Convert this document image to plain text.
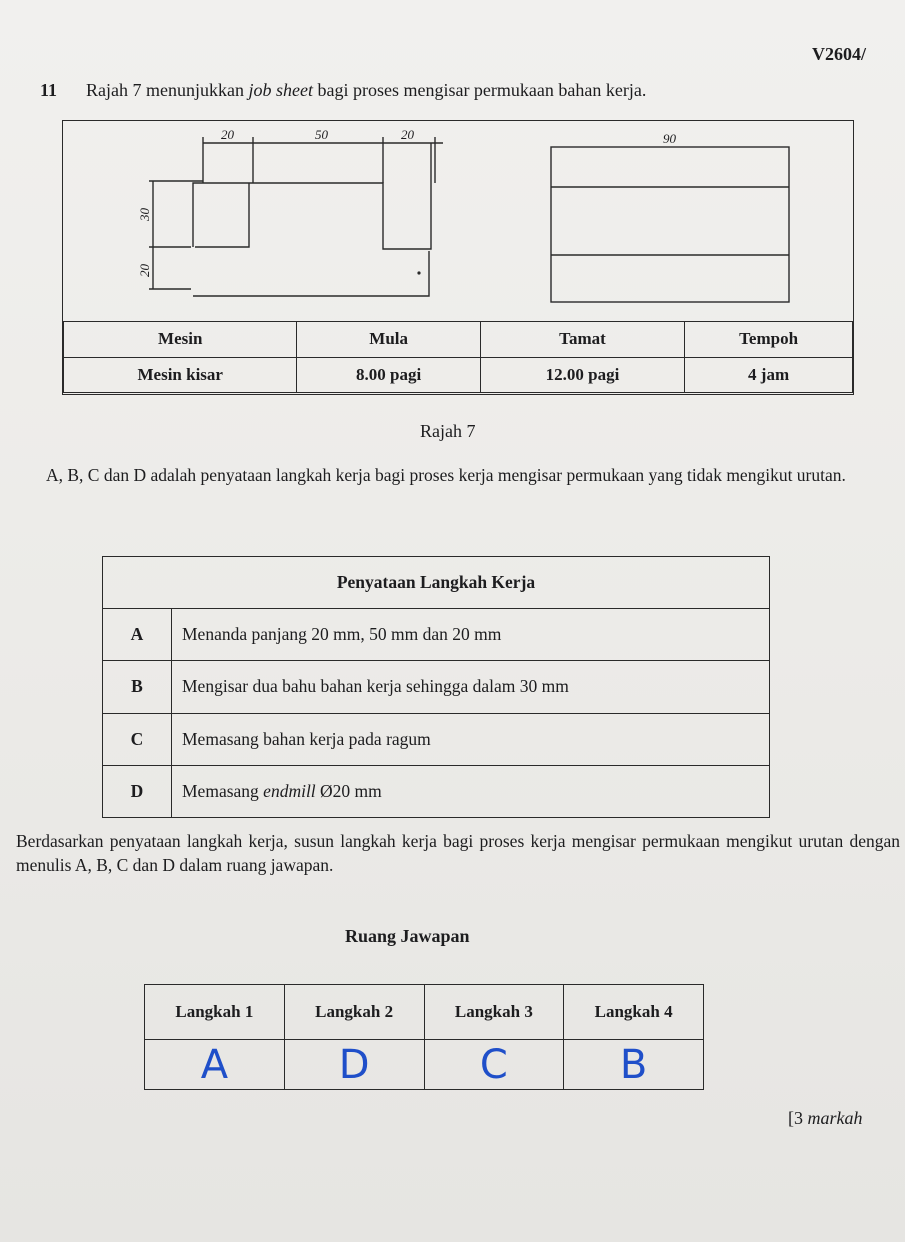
V2604/
11 Rajah 7 menunjukkan job sheet bagi proses mengisar permukaan bahan kerja.
20	50	20
30
20
90
Mesin	Mula	Tamat	Tempoh
Mesin kisar	8.00 pagi	12.00 pagi	4 jam
Rajah 7
A, B, C dan D adalah penyataan langkah kerja bagi proses kerja mengisar permukaan yang tidak mengikut urutan.
Penyataan Langkah Kerja	
A	Menanda panjang 20 mm, 50 mm dan 20 mm
B	Mengisar dua bahu bahan kerja sehingga dalam 30 mm
C	Memasang bahan kerja pada ragum
D	Memasang endmill Ø20 mm
Berdasarkan penyataan langkah kerja, susun langkah kerja bagi proses kerja mengisar permukaan mengikut urutan dengan menulis A, B, C dan D dalam ruang jawapan.
Ruang Jawapan
Langkah 1	Langkah 2	Langkah 3	Langkah 4
A	D	C	B
[3 markah
